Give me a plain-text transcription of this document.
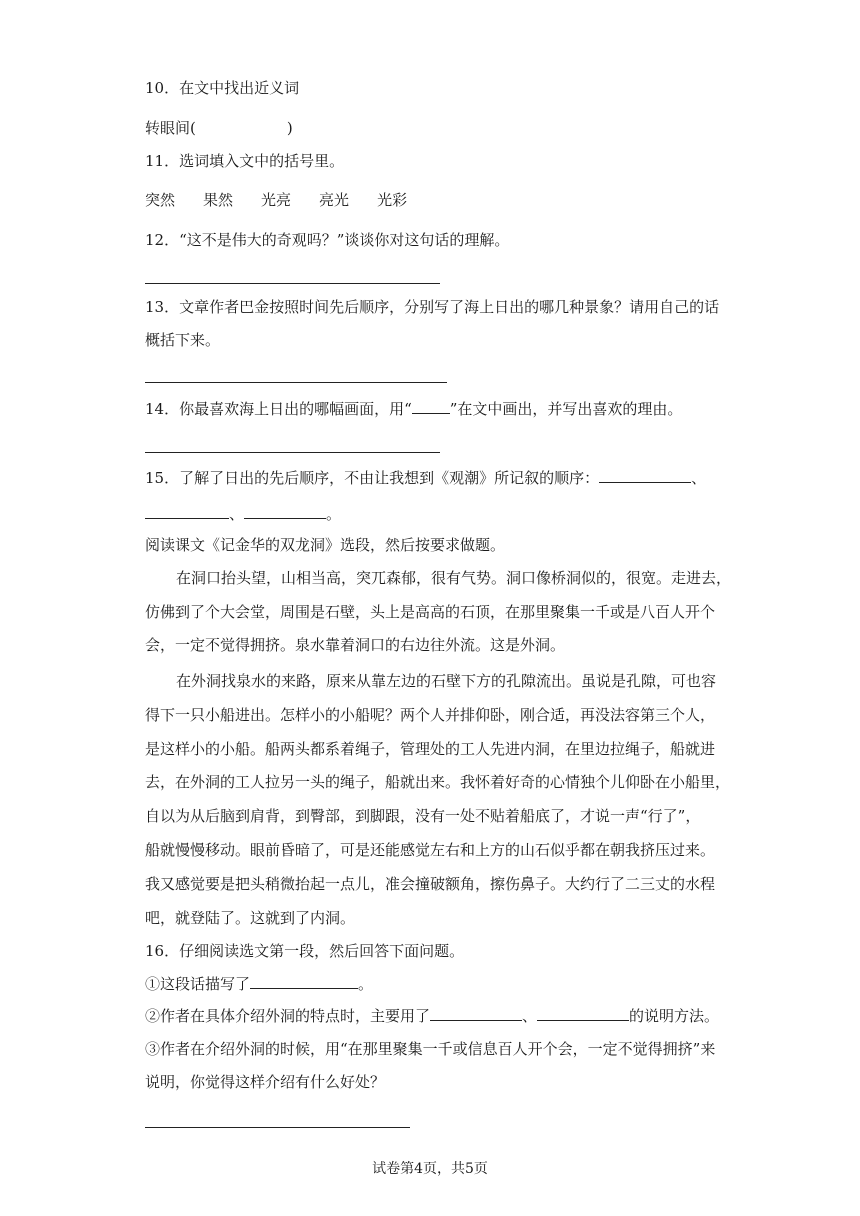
10．在文中找出近义词
转眼间(	)
11．选词填入文中的括号里。
突然 果然 光亮 亮光 光彩
12．“这不是伟大的奇观吗？”谈谈你对这句话的理解。
13．文章作者巴金按照时间先后顺序，分别写了海上日出的哪几种景象？请用自己的话
概括下来。
14．你最喜欢海上日出的哪幅画面，用“	”在文中画出，并写出喜欢的理由。
15．了解了日出的先后顺序，不由让我想到《观潮》所记叙的顺序：	、
、	。
阅读课文《记金华的双龙洞》选段，然后按要求做题。
在洞口抬头望，山相当高，突兀森郁，很有气势。洞口像桥洞似的，很宽。走进去，
仿佛到了个大会堂，周围是石壁，头上是高高的石顶，在那里聚集一千或是八百人开个
会，一定不觉得拥挤。泉水靠着洞口的右边往外流。这是外洞。
在外洞找泉水的来路，原来从靠左边的石壁下方的孔隙流出。虽说是孔隙，可也容
得下一只小船进出。怎样小的小船呢？两个人并排仰卧，刚合适，再没法容第三个人，
是这样小的小船。船两头都系着绳子，管理处的工人先进内洞，在里边拉绳子，船就进
去，在外洞的工人拉另一头的绳子，船就出来。我怀着好奇的心情独个儿仰卧在小船里，
自以为从后脑到肩背，到臀部，到脚跟，没有一处不贴着船底了，才说一声“行了”，
船就慢慢移动。眼前昏暗了，可是还能感觉左右和上方的山石似乎都在朝我挤压过来。
我又感觉要是把头稍微抬起一点儿，准会撞破额角，擦伤鼻子。大约行了二三丈的水程
吧，就登陆了。这就到了内洞。
16．仔细阅读选文第一段，然后回答下面问题。
①这段话描写了	。
②作者在具体介绍外洞的特点时，主要用了	、	的说明方法。
③作者在介绍外洞的时候，用“在那里聚集一千或信息百人开个会，一定不觉得拥挤”来
说明，你觉得这样介绍有什么好处？
试卷第4页，共5页
